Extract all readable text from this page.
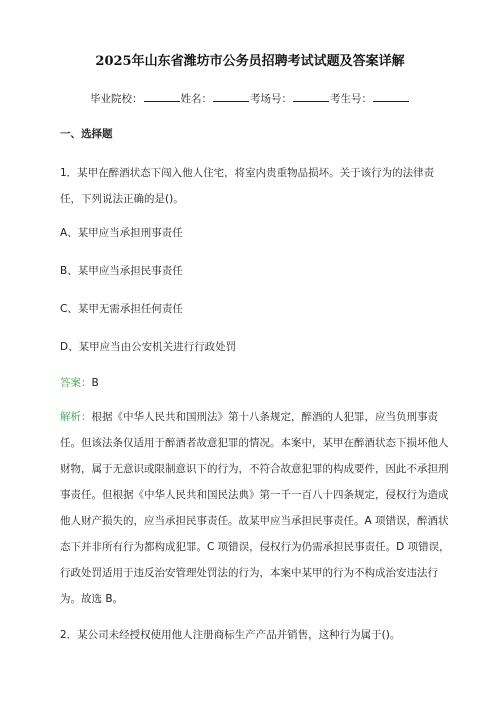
2025年山东省潍坊市公务员招聘考试试题及答案详解
毕业院校：	姓名：	考场号：	考生号：
一、选择题
1．某甲在醉酒状态下闯入他人住宅，将室内贵重物品损坏。关于该行为的法律责任，下列说法正确的是()。
A、某甲应当承担刑事责任
B、某甲应当承担民事责任
C、某甲无需承担任何责任
D、某甲应当由公安机关进行行政处罚
答案：B
解析：根据《中华人民共和国刑法》第十八条规定，醉酒的人犯罪，应当负刑事责任。但该法条仅适用于醉酒者故意犯罪的情况。本案中，某甲在醉酒状态下损坏他人财物，属于无意识或限制意识下的行为，不符合故意犯罪的构成要件，因此不承担刑事责任。但根据《中华人民共和国民法典》第一千一百八十四条规定，侵权行为造成他人财产损失的，应当承担民事责任。故某甲应当承担民事责任。A 项错误，醉酒状态下并非所有行为都构成犯罪。C 项错误，侵权行为仍需承担民事责任。D 项错误，行政处罚适用于违反治安管理处罚法的行为，本案中某甲的行为不构成治安违法行为。故选 B。
2．某公司未经授权使用他人注册商标生产产品并销售，这种行为属于()。
